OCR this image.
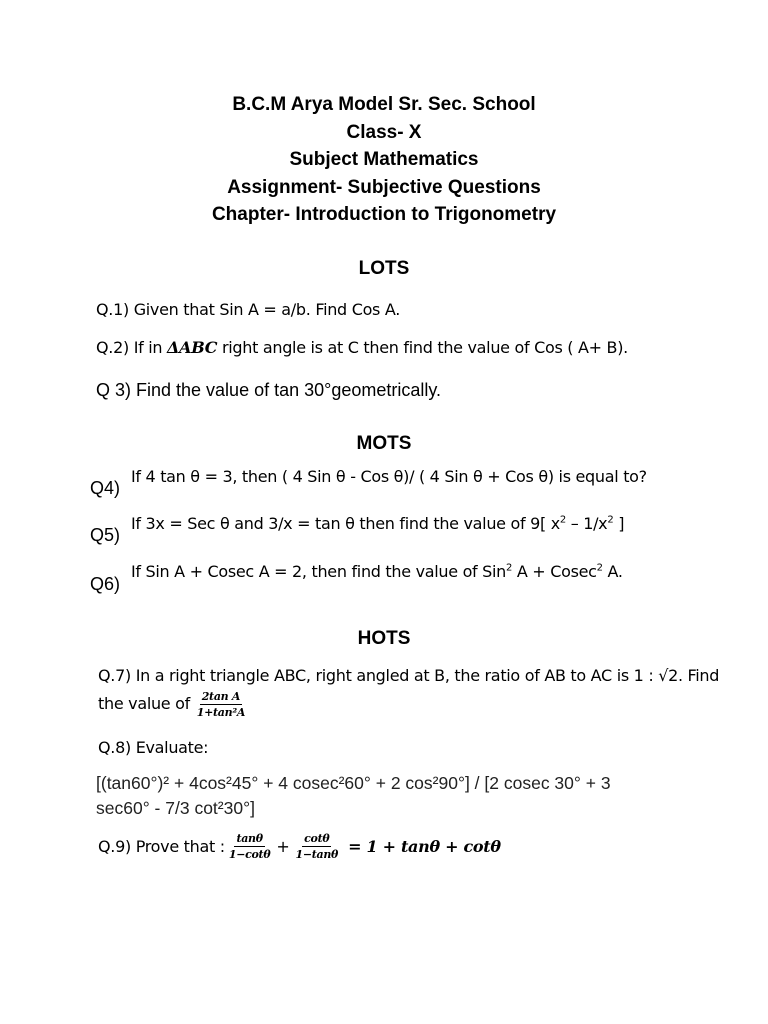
B.C.M Arya Model Sr. Sec. School
Class- X
Subject Mathematics
Assignment- Subjective Questions
Chapter- Introduction to Trigonometry
LOTS
Q.1) Given that Sin A = a/b. Find Cos A.
Q.2) If in ΔABC right angle is at C then find the value of Cos ( A+ B).
Q 3) Find the value of tan 30°geometrically.
MOTS
Q4)
If 4 tan θ = 3, then ( 4 Sin θ - Cos θ)/ ( 4 Sin θ + Cos θ) is equal to?
Q5)
If 3x = Sec θ and 3/x = tan θ then find the value of 9[ $x^2 - 1/x^2$ ]
Q6)
If Sin A + Cosec A = 2, then find the value of Sin$^2$ A + Cosec$^2$ A.
HOTS
Q.7) In a right triangle ABC, right angled at B, the ratio of AB to AC is 1 : √2. Find
the value of $\frac{\text{2tan A}}{\text{1+tan²A}}$
Q.8) Evaluate:
[(tan60°)² + 4cos²45° + 4 cosec²60° + 2 cos²90°] / [2 cosec 30° + 3
sec60° - 7/3 cot²30°]
Q.9) Prove that : $\frac{\tan\theta}{1-\cot\theta} + \frac{\cot\theta}{1-\tan\theta} = 1 + \tan\theta + \cot\theta$
